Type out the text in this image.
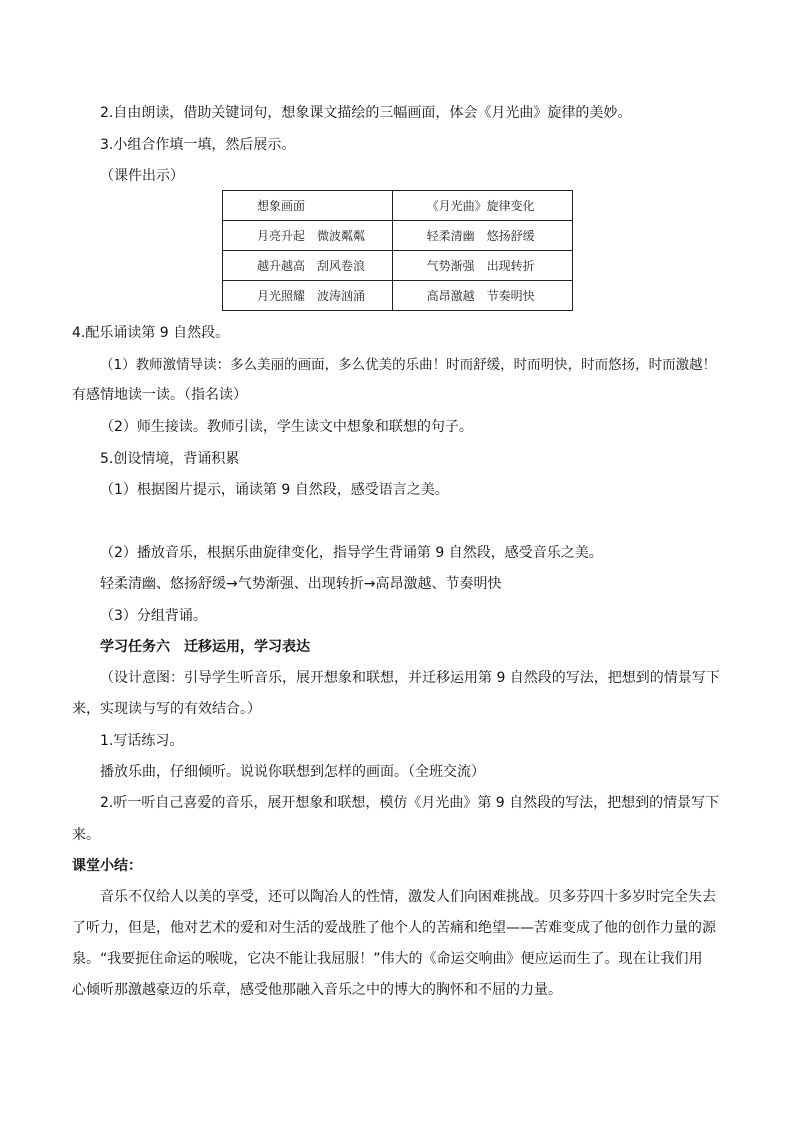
2.自由朗读，借助关键词句，想象课文描绘的三幅画面，体会《月光曲》旋律的美妙。
3.小组合作填一填，然后展示。
（课件出示）
想象画面	《月光曲》旋律变化
月亮升起　微波粼粼	轻柔清幽　悠扬舒缓
越升越高　刮风卷浪	气势渐强　出现转折
月光照耀　波涛汹涌	高昂激越　节奏明快
4.配乐诵读第 9 自然段。
（1）教师激情导读：多么美丽的画面，多么优美的乐曲！时而舒缓，时而明快，时而悠扬，时而激越！
有感情地读一读。（指名读）
（2）师生接读。教师引读，学生读文中想象和联想的句子。
5.创设情境，背诵积累
（1）根据图片提示，诵读第 9 自然段，感受语言之美。
（2）播放音乐，根据乐曲旋律变化，指导学生背诵第 9 自然段，感受音乐之美。
轻柔清幽、悠扬舒缓→气势渐强、出现转折→高昂激越、节奏明快
（3）分组背诵。
学习任务六　迁移运用，学习表达
（设计意图：引导学生听音乐，展开想象和联想，并迁移运用第 9 自然段的写法，把想到的情景写下
来，实现读与写的有效结合。）
1.写话练习。
播放乐曲，仔细倾听。说说你联想到怎样的画面。（全班交流）
2.听一听自己喜爱的音乐，展开想象和联想，模仿《月光曲》第 9 自然段的写法，把想到的情景写下
来。
课堂小结：
音乐不仅给人以美的享受，还可以陶冶人的性情，激发人们向困难挑战。贝多芬四十多岁时完全失去
了听力，但是，他对艺术的爱和对生活的爱战胜了他个人的苦痛和绝望——苦难变成了他的创作力量的源
泉。“我要扼住命运的喉咙，它决不能让我屈服！”伟大的《命运交响曲》便应运而生了。现在让我们用
心倾听那激越豪迈的乐章，感受他那融入音乐之中的博大的胸怀和不屈的力量。
